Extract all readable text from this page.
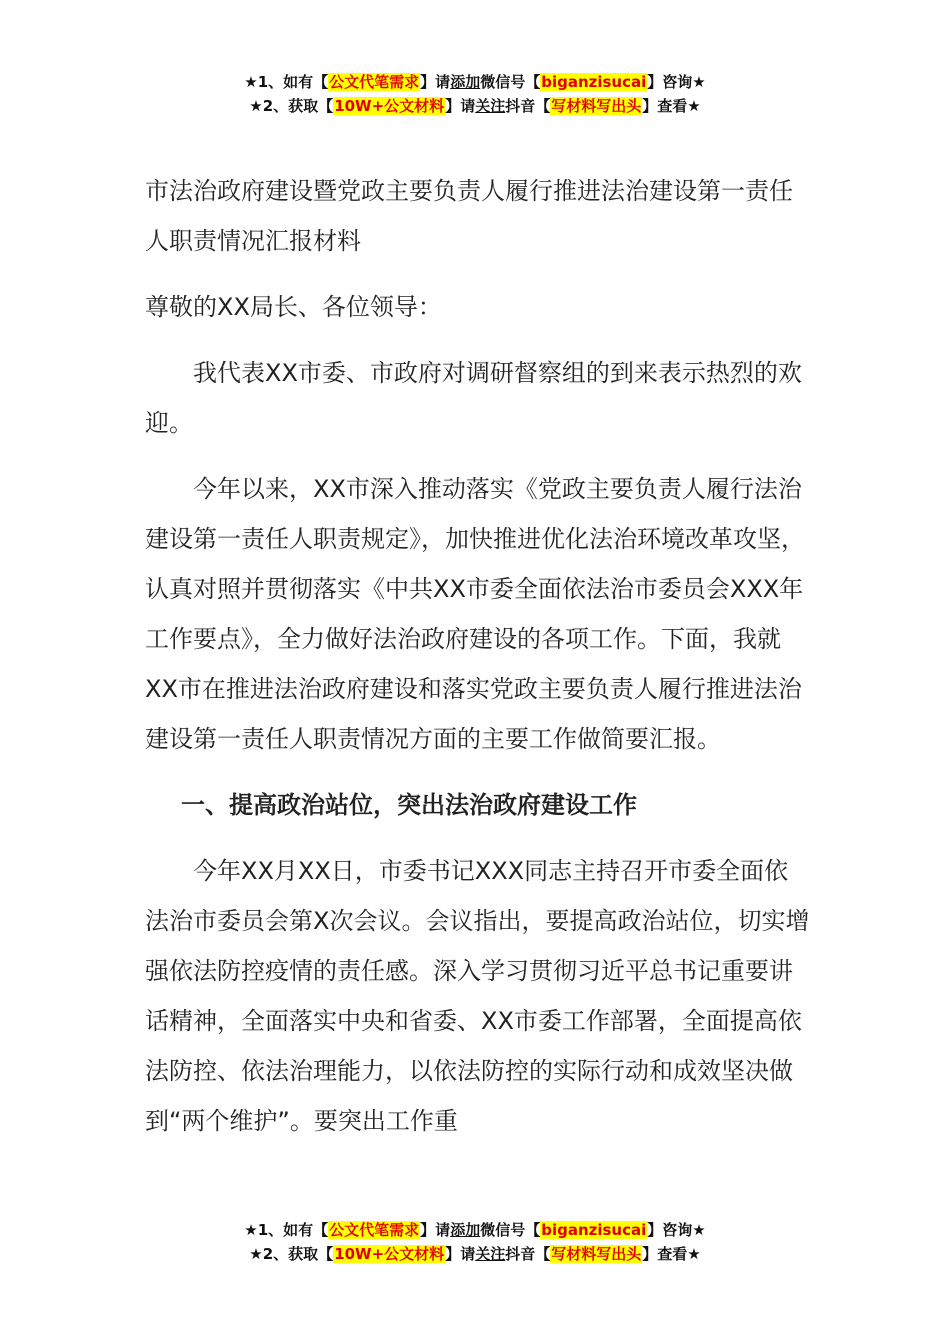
★1、如有【公文代笔需求】请添加微信号【biganzisucai】咨询★
★2、获取【10W+公文材料】请关注抖音【写材料写出头】查看★

市法治政府建设暨党政主要负责人履行推进法治建设第一责任人职责情况汇报材料

尊敬的XX局长、各位领导：

我代表XX市委、市政府对调研督察组的到来表示热烈的欢迎。

今年以来，XX市深入推动落实《党政主要负责人履行法治建设第一责任人职责规定》，加快推进优化法治环境改革攻坚，认真对照并贯彻落实《中共XX市委全面依法治市委员会XXX年工作要点》，全力做好法治政府建设的各项工作。下面，我就XX市在推进法治政府建设和落实党政主要负责人履行推进法治建设第一责任人职责情况方面的主要工作做简要汇报。

一、提高政治站位，突出法治政府建设工作

今年XX月XX日，市委书记XXX同志主持召开市委全面依法治市委员会第X次会议。会议指出，要提高政治站位，切实增强依法防控疫情的责任感。深入学习贯彻习近平总书记重要讲话精神，全面落实中央和省委、XX市委工作部署，全面提高依法防控、依法治理能力，以依法防控的实际行动和成效坚决做到“两个维护”。要突出工作重

★1、如有【公文代笔需求】请添加微信号【biganzisucai】咨询★
★2、获取【10W+公文材料】请关注抖音【写材料写出头】查看★
